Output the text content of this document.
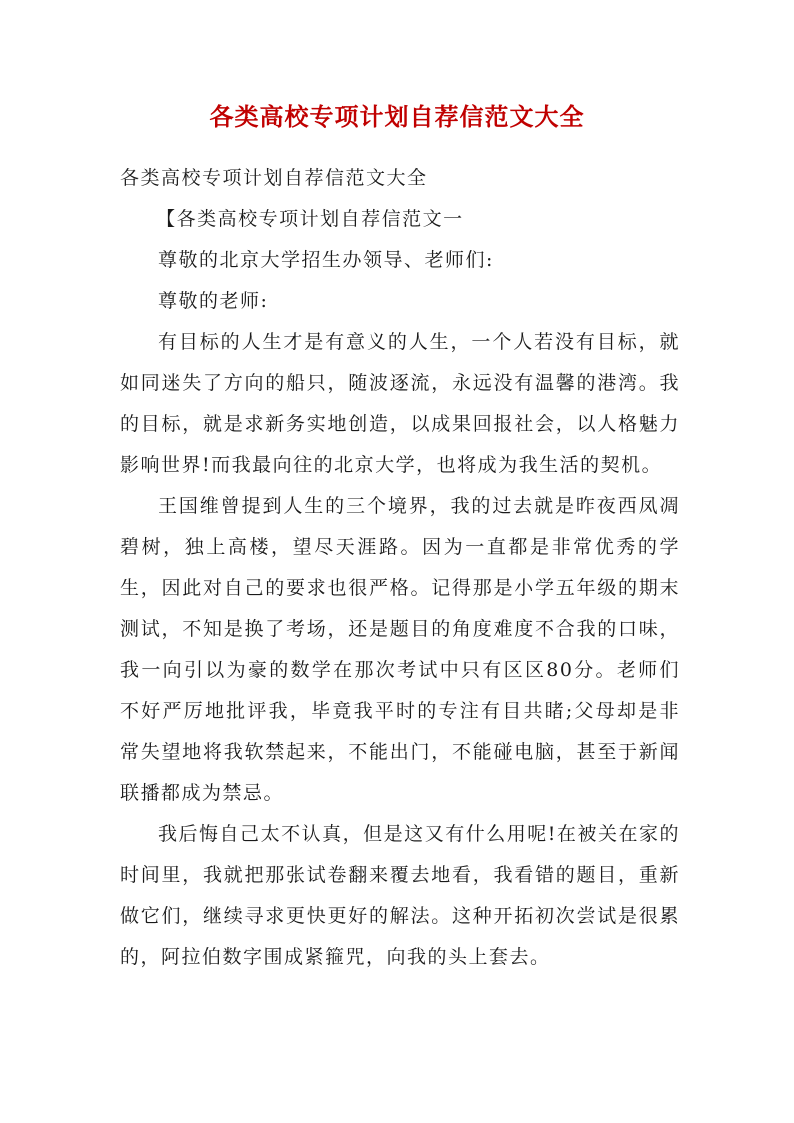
各类高校专项计划自荐信范文大全

各类高校专项计划自荐信范文大全

【各类高校专项计划自荐信范文一

尊敬的北京大学招生办领导、老师们:

尊敬的老师:

有目标的人生才是有意义的人生，一个人若没有目标，就如同迷失了方向的船只，随波逐流，永远没有温馨的港湾。我的目标，就是求新务实地创造，以成果回报社会，以人格魅力影响世界!而我最向往的北京大学，也将成为我生活的契机。

王国维曾提到人生的三个境界，我的过去就是昨夜西凤凋碧树，独上高楼，望尽天涯路。因为一直都是非常优秀的学生，因此对自己的要求也很严格。记得那是小学五年级的期末测试，不知是换了考场，还是题目的角度难度不合我的口味，我一向引以为豪的数学在那次考试中只有区区80分。老师们不好严厉地批评我，毕竟我平时的专注有目共睹;父母却是非常失望地将我软禁起来，不能出门，不能碰电脑，甚至于新闻联播都成为禁忌。

我后悔自己太不认真，但是这又有什么用呢!在被关在家的时间里，我就把那张试卷翻来覆去地看，我看错的题目，重新做它们，继续寻求更快更好的解法。这种开拓初次尝试是很累的，阿拉伯数字围成紧箍咒，向我的头上套去。
